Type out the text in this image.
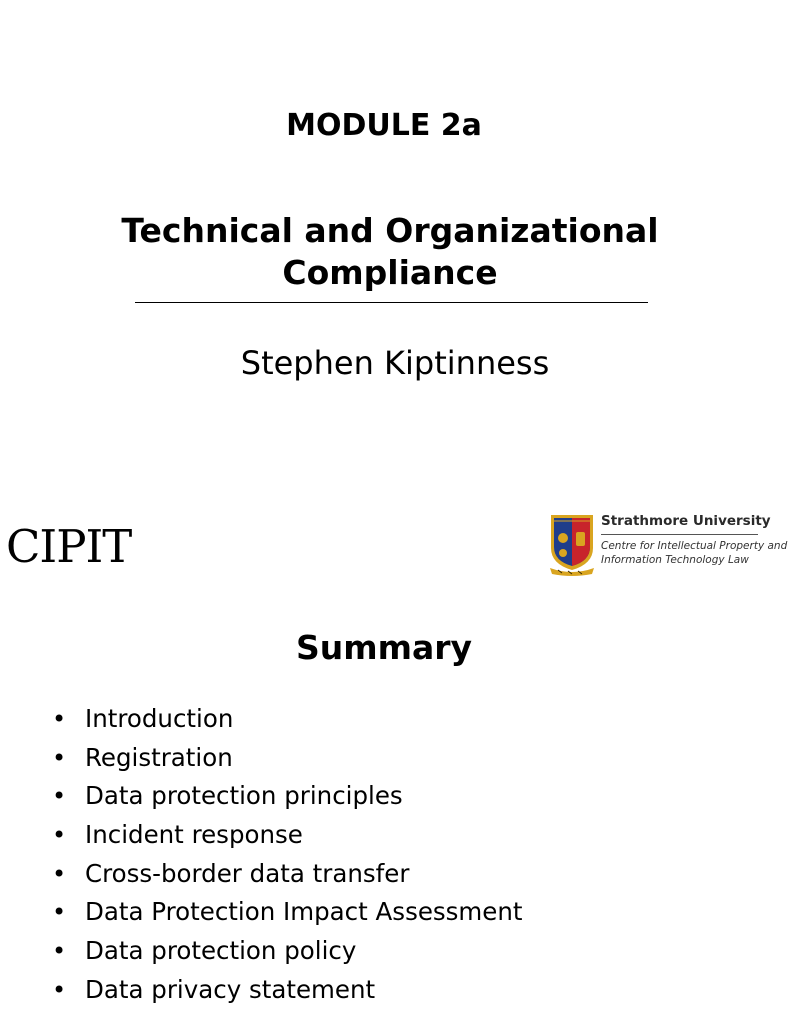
MODULE 2a
Technical and Organizational Compliance
Stephen Kiptinness
CIPIT	Strathmore University
Centre for Intellectual Property and
Information Technology Law
Summary
• Introduction
• Registration
• Data protection principles
• Incident response
• Cross-border data transfer
• Data Protection Impact Assessment
• Data protection policy
• Data privacy statement
